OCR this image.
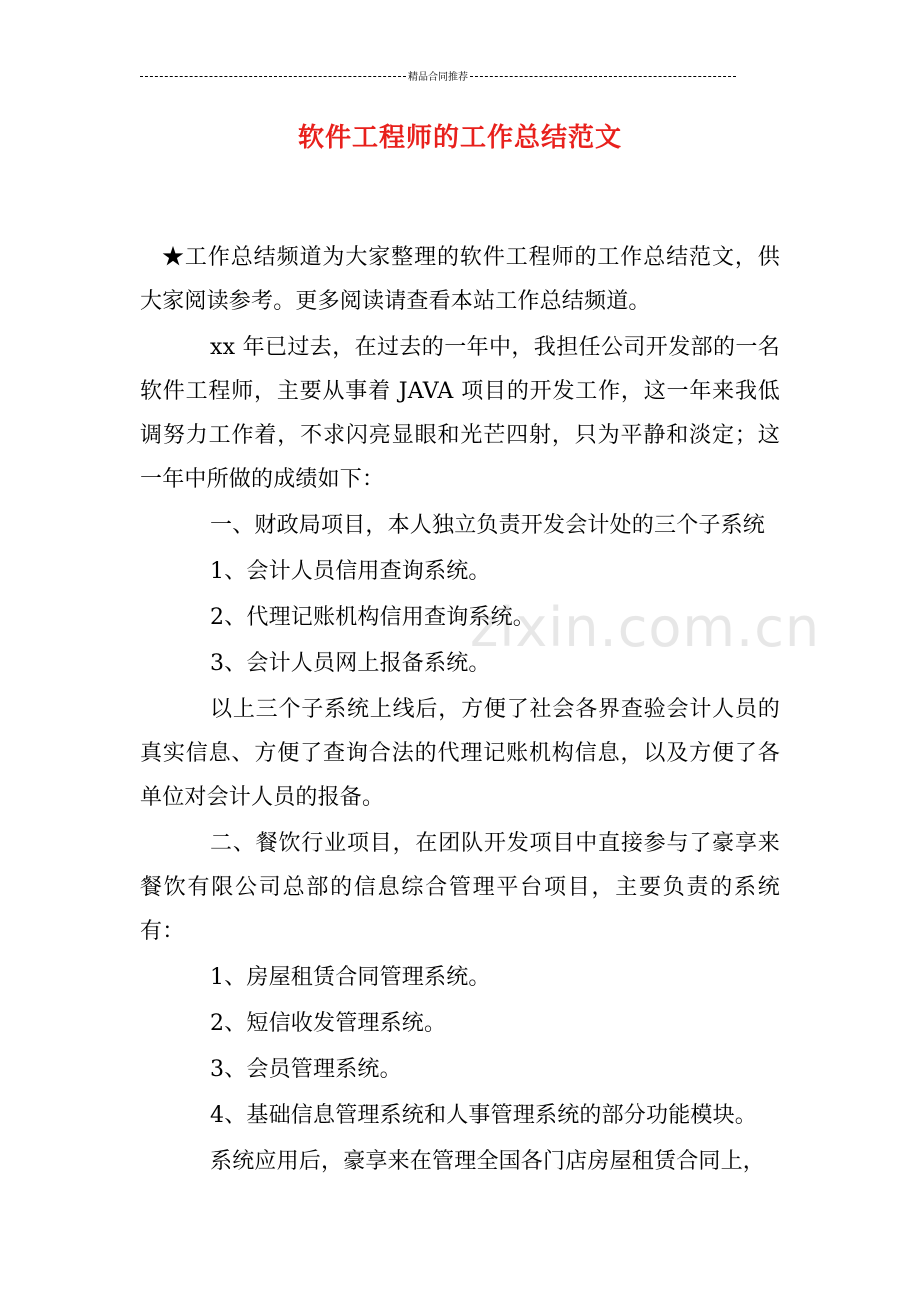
精品合同推荐
软件工程师的工作总结范文
zixin.com.cn

★工作总结频道为大家整理的软件工程师的工作总结范文，供大家阅读参考。更多阅读请查看本站工作总结频道。

xx 年已过去，在过去的一年中，我担任公司开发部的一名软件工程师，主要从事着 JAVA 项目的开发工作，这一年来我低调努力工作着，不求闪亮显眼和光芒四射，只为平静和淡定；这一年中所做的成绩如下：

一、财政局项目，本人独立负责开发会计处的三个子系统

1、会计人员信用查询系统。

2、代理记账机构信用查询系统。

3、会计人员网上报备系统。

以上三个子系统上线后，方便了社会各界查验会计人员的真实信息、方便了查询合法的代理记账机构信息，以及方便了各单位对会计人员的报备。

二、餐饮行业项目，在团队开发项目中直接参与了豪享来餐饮有限公司总部的信息综合管理平台项目，主要负责的系统有：

1、房屋租赁合同管理系统。

2、短信收发管理系统。

3、会员管理系统。

4、基础信息管理系统和人事管理系统的部分功能模块。

系统应用后，豪享来在管理全国各门店房屋租赁合同上，
